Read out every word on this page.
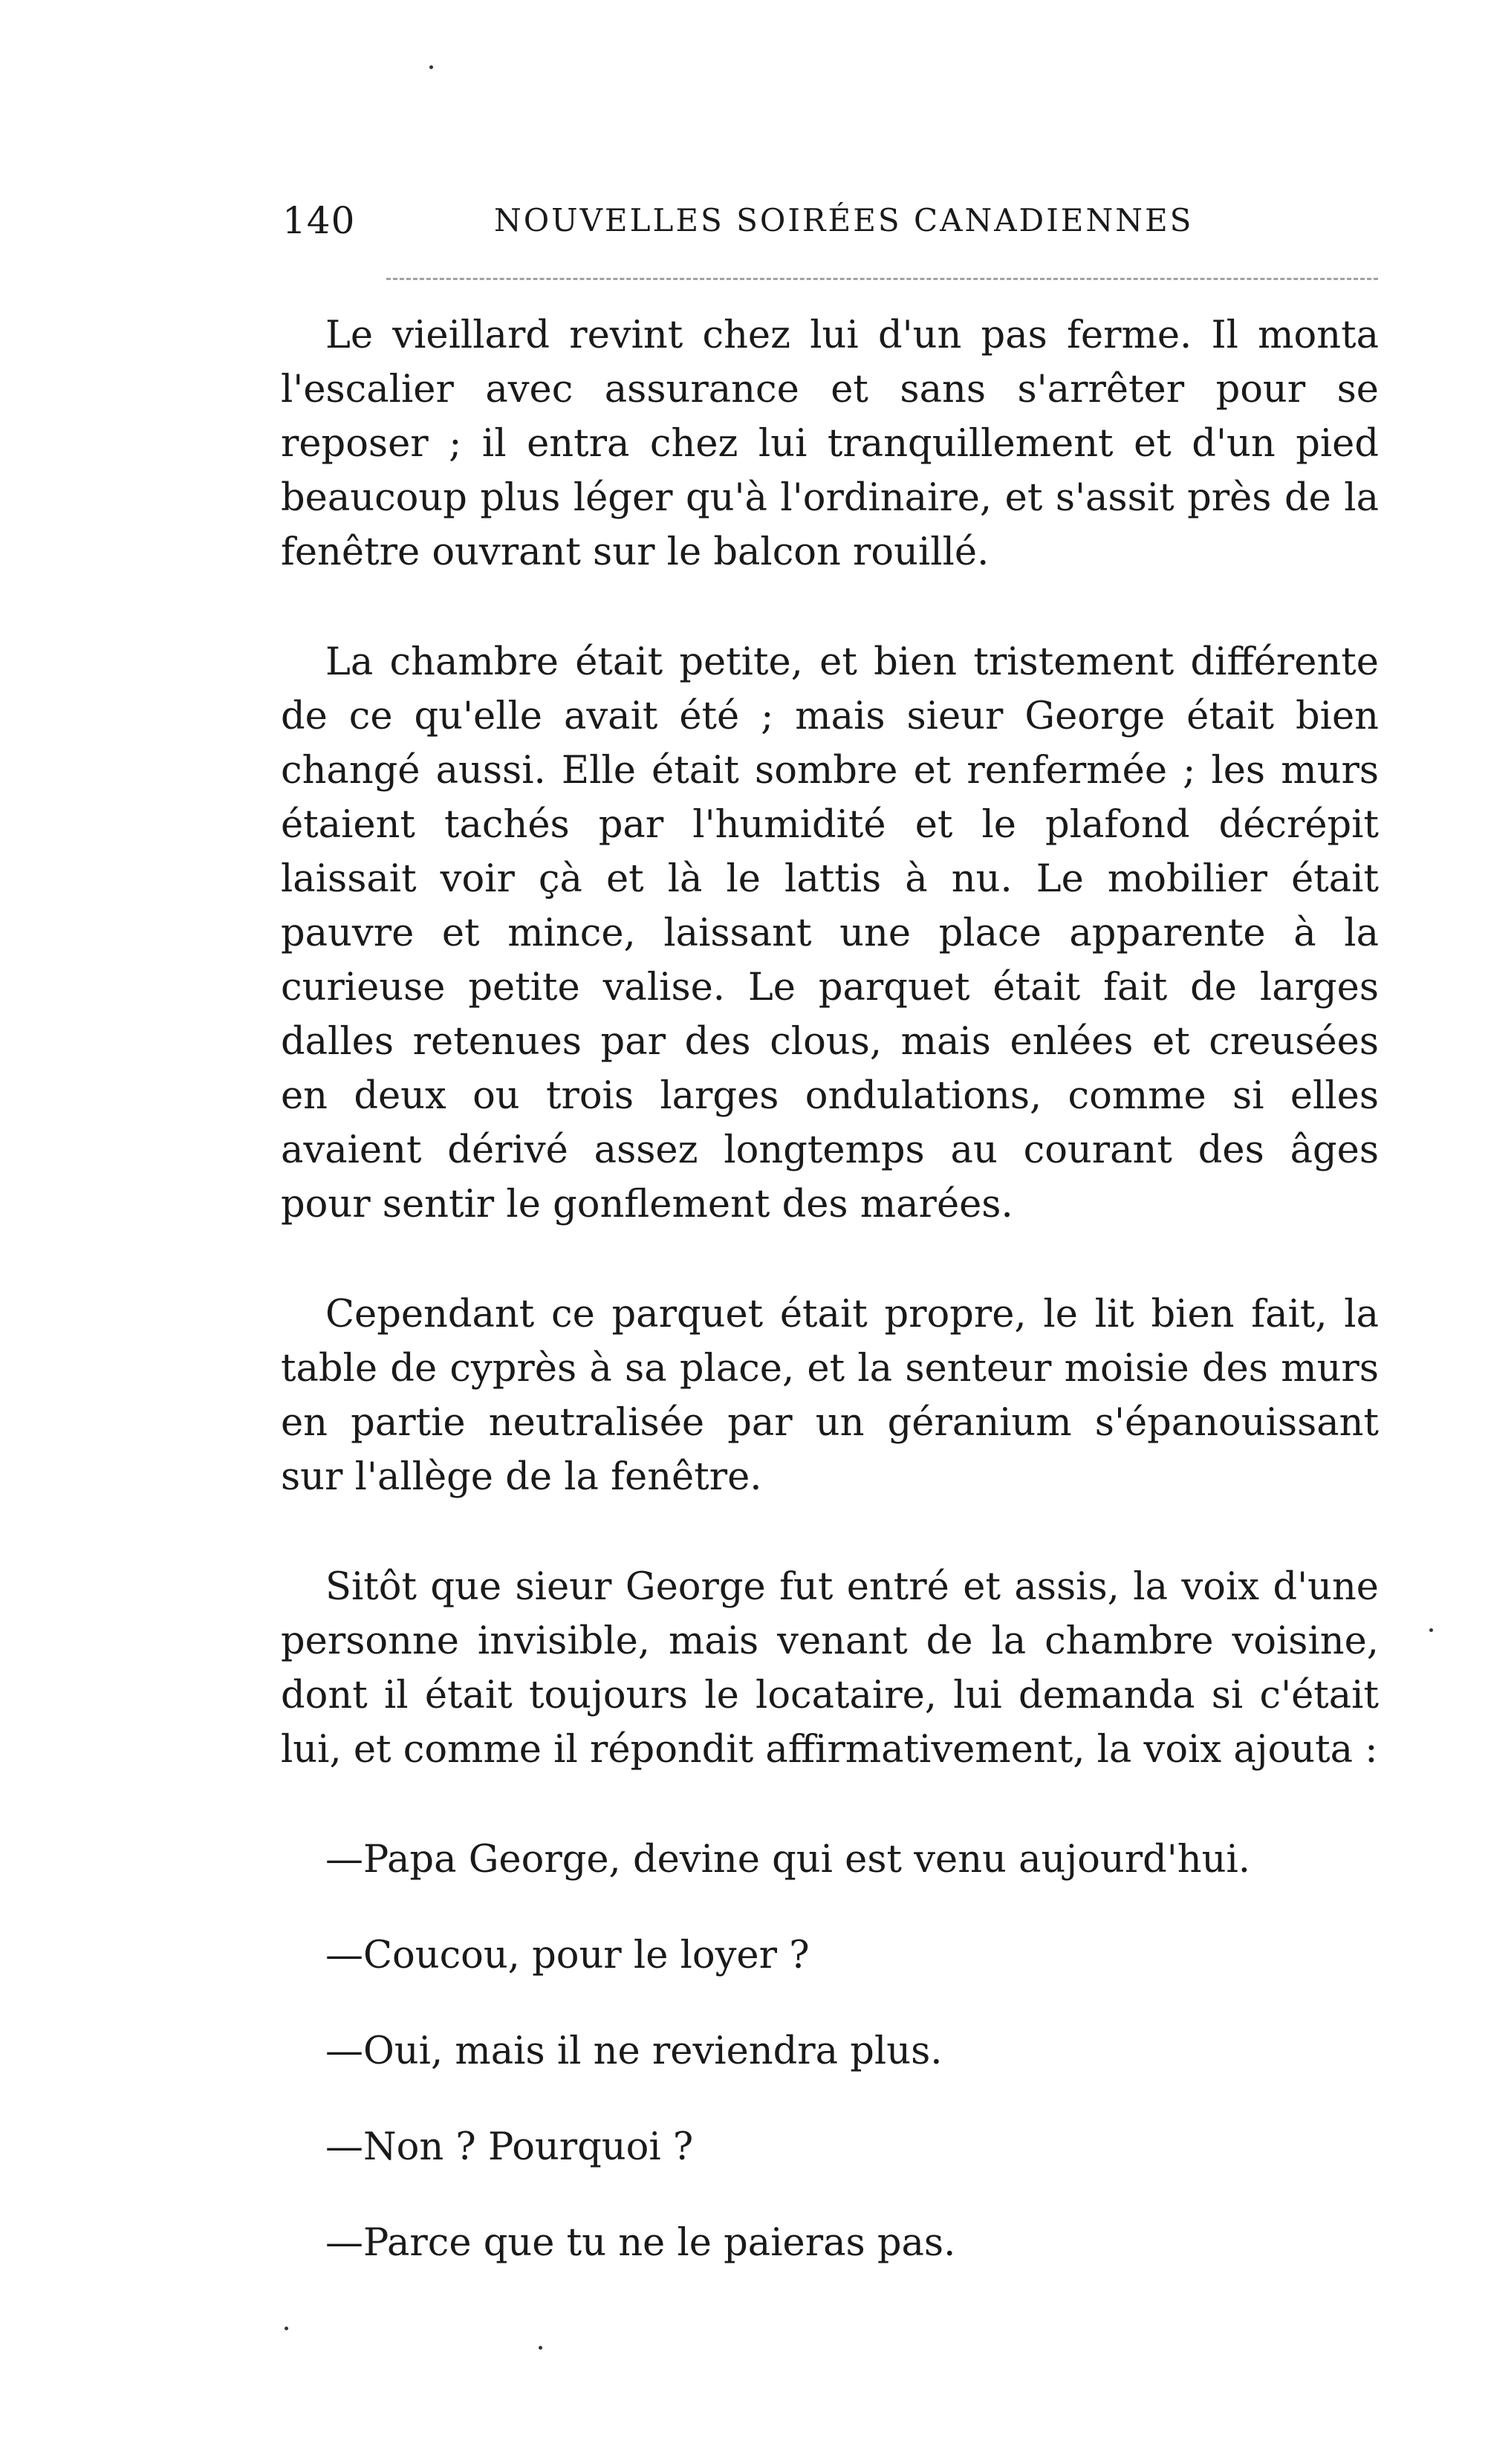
140	NOUVELLES SOIRÉES CANADIENNES

Le vieillard revint chez lui d'un pas ferme. Il monta l'escalier avec assurance et sans s'arrêter pour se reposer ; il entra chez lui tranquillement et d'un pied beaucoup plus léger qu'à l'ordinaire, et s'assit près de la fenêtre ouvrant sur le balcon rouillé.

La chambre était petite, et bien tristement différente de ce qu'elle avait été ; mais sieur George était bien changé aussi. Elle était sombre et renfermée ; les murs étaient tachés par l'humidité et le plafond décrépit laissait voir çà et là le lattis à nu. Le mobilier était pauvre et mince, laissant une place apparente à la curieuse petite valise. Le parquet était fait de larges dalles retenues par des clous, mais enlées et creusées en deux ou trois larges ondulations, comme si elles avaient dérivé assez longtemps au courant des âges pour sentir le gonflement des marées.

Cependant ce parquet était propre, le lit bien fait, la table de cyprès à sa place, et la senteur moisie des murs en partie neutralisée par un géranium s'épanouissant sur l'allège de la fenêtre.

Sitôt que sieur George fut entré et assis, la voix d'une personne invisible, mais venant de la chambre voisine, dont il était toujours le locataire, lui demanda si c'était lui, et comme il répondit affirmativement, la voix ajouta :

—Papa George, devine qui est venu aujourd'hui.

—Coucou, pour le loyer ?

—Oui, mais il ne reviendra plus.

—Non ? Pourquoi ?

—Parce que tu ne le paieras pas.
